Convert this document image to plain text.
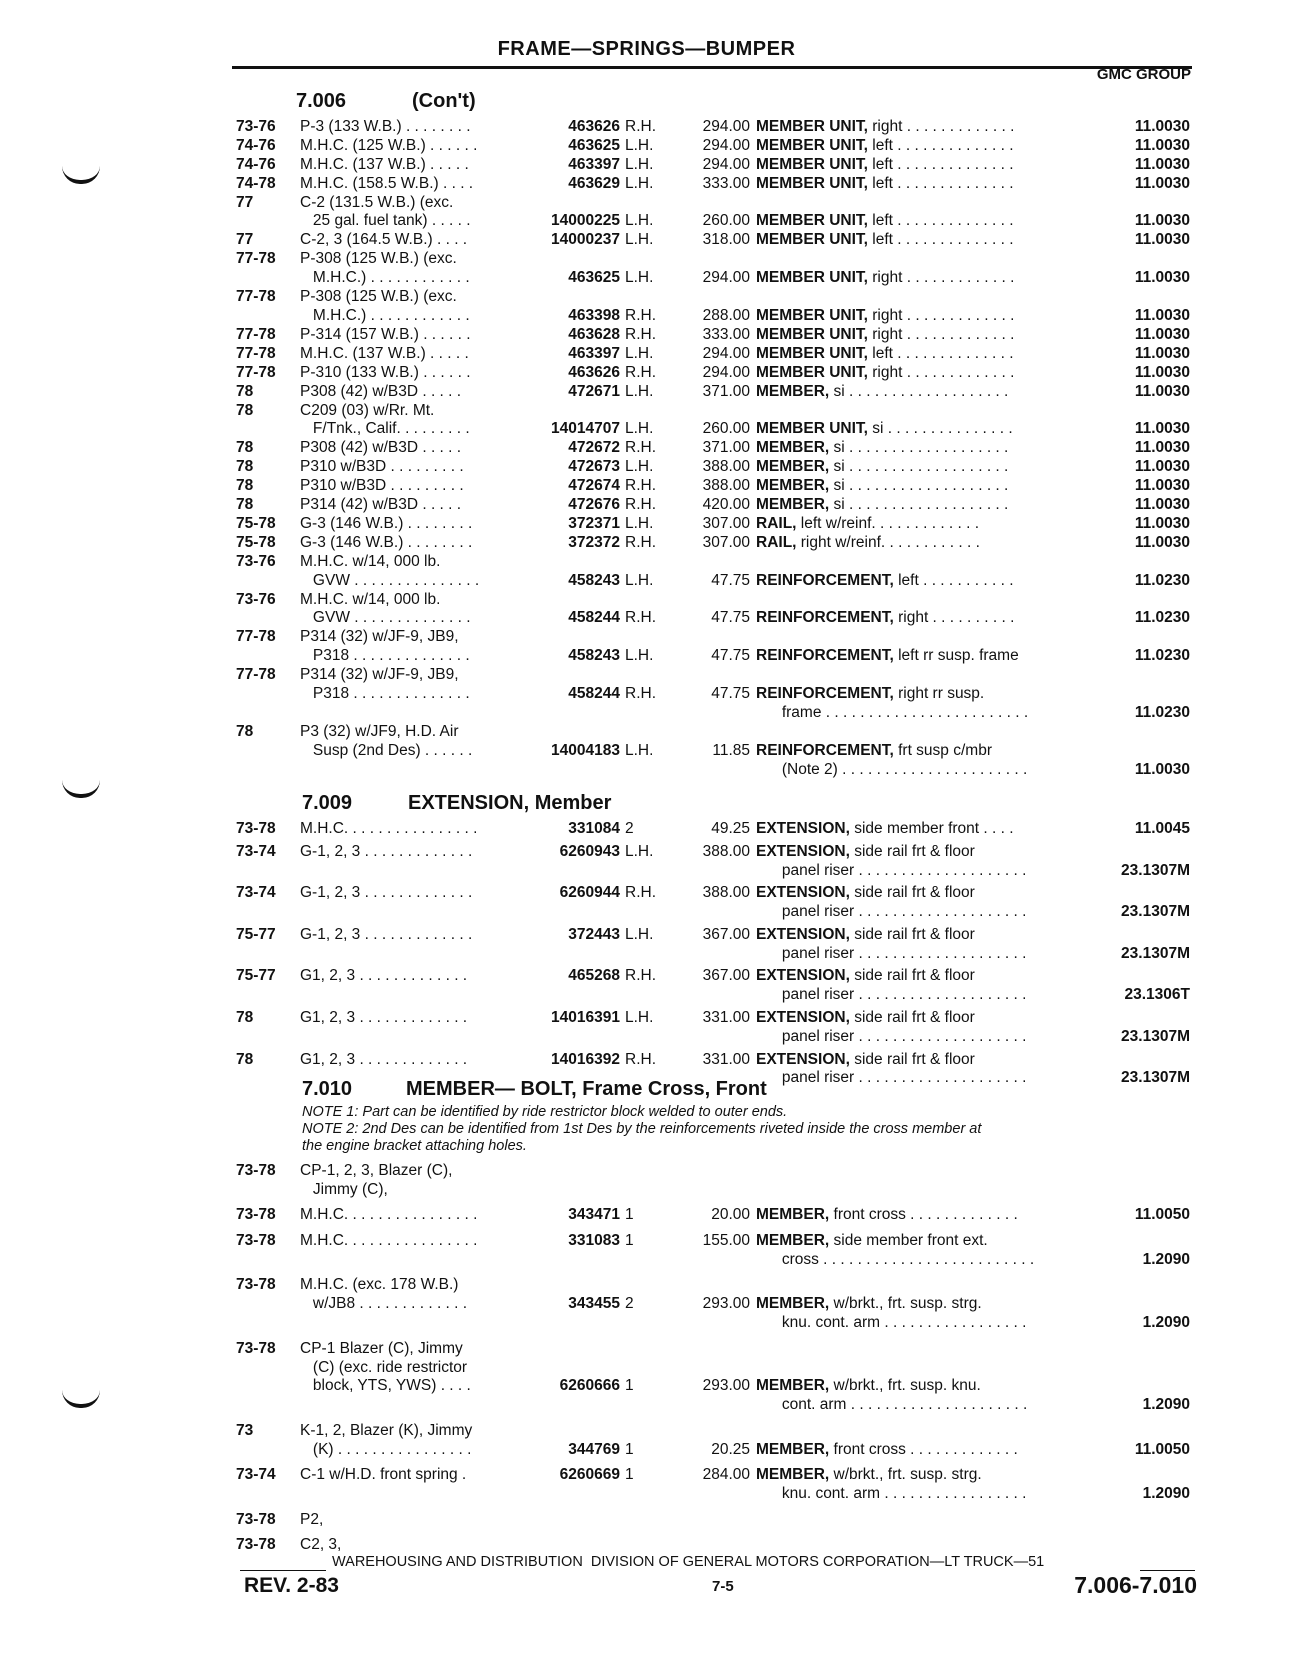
FRAME—SPRINGS—BUMPER
GMC GROUP
7.006	(Con't)
73-76 P-3 (133 W.B.) . . . . . . . .	463626 R.H.	294.00 MEMBER UNIT, right . . . . . . . . . . . . .	11.0030
74-76 M.H.C. (125 W.B.) . . . . . .	463625 L.H.	294.00 MEMBER UNIT, left . . . . . . . . . . . . . .	11.0030
74-76 M.H.C. (137 W.B.) . . . . .	463397 L.H.	294.00 MEMBER UNIT, left . . . . . . . . . . . . . .	11.0030
74-78 M.H.C. (158.5 W.B.) . . . .	463629 L.H.	333.00 MEMBER UNIT, left . . . . . . . . . . . . . .	11.0030
77	C-2 (131.5 W.B.) (exc.
25 gal. fuel tank) . . . . .	14000225 L.H.	260.00 MEMBER UNIT, left . . . . . . . . . . . . . .	11.0030
77	C-2, 3 (164.5 W.B.) . . . .	14000237 L.H.	318.00 MEMBER UNIT, left . . . . . . . . . . . . . .	11.0030
77-78 P-308 (125 W.B.) (exc.
M.H.C.) . . . . . . . . . . . .	463625 L.H.	294.00 MEMBER UNIT, right . . . . . . . . . . . . .	11.0030
77-78 P-308 (125 W.B.) (exc.
M.H.C.) . . . . . . . . . . . .	463398 R.H.	288.00 MEMBER UNIT, right . . . . . . . . . . . . .	11.0030
77-78 P-314 (157 W.B.) . . . . . .	463628 R.H.	333.00 MEMBER UNIT, right . . . . . . . . . . . . .	11.0030
77-78 M.H.C. (137 W.B.) . . . . .	463397 L.H.	294.00 MEMBER UNIT, left . . . . . . . . . . . . . .	11.0030
77-78 P-310 (133 W.B.) . . . . . .	463626 R.H.	294.00 MEMBER UNIT, right . . . . . . . . . . . . .	11.0030
78	P308 (42) w/B3D . . . . .	472671 L.H.	371.00 MEMBER, si . . . . . . . . . . . . . . . . . . .	11.0030
78	C209 (03) w/Rr. Mt.
F/Tnk., Calif. . . . . . . . .	14014707 L.H.	260.00 MEMBER UNIT, si . . . . . . . . . . . . . . .	11.0030
78	P308 (42) w/B3D . . . . .	472672 R.H.	371.00 MEMBER, si . . . . . . . . . . . . . . . . . . .	11.0030
78	P310 w/B3D . . . . . . . . .	472673 L.H.	388.00 MEMBER, si . . . . . . . . . . . . . . . . . . .	11.0030
78	P310 w/B3D . . . . . . . . .	472674 R.H.	388.00 MEMBER, si . . . . . . . . . . . . . . . . . . .	11.0030
78	P314 (42) w/B3D . . . . .	472676 R.H.	420.00 MEMBER, si . . . . . . . . . . . . . . . . . . .	11.0030
75-78 G-3 (146 W.B.) . . . . . . . .	372371 L.H.	307.00 RAIL, left w/reinf. . . . . . . . . . . . .	11.0030
75-78 G-3 (146 W.B.) . . . . . . . .	372372 R.H.	307.00 RAIL, right w/reinf. . . . . . . . . . . .	11.0030
73-76 M.H.C. w/14, 000 lb.
GVW . . . . . . . . . . . . . . .	458243 L.H.	47.75 REINFORCEMENT, left . . . . . . . . . . .	11.0230
73-76 M.H.C. w/14, 000 lb.
GVW . . . . . . . . . . . . . .	458244 R.H.	47.75 REINFORCEMENT, right . . . . . . . . . .	11.0230
77-78 P314 (32) w/JF-9, JB9,
P318 . . . . . . . . . . . . . .	458243 L.H.	47.75 REINFORCEMENT, left rr susp. frame	11.0230
77-78 P314 (32) w/JF-9, JB9,
P318 . . . . . . . . . . . . . .	458244 R.H.	47.75 REINFORCEMENT, right rr susp.
frame . . . . . . . . . . . . . . . . . . . . . . . .	11.0230
78	P3 (32) w/JF9, H.D. Air
Susp (2nd Des) . . . . . .	14004183 L.H.	11.85 REINFORCEMENT, frt susp c/mbr
(Note 2) . . . . . . . . . . . . . . . . . . . . . .	11.0030
7.009	EXTENSION, Member
73-78 M.H.C. . . . . . . . . . . . . . . .	331084 2	49.25 EXTENSION, side member front . . . .	11.0045
73-74 G-1, 2, 3 . . . . . . . . . . . . .	6260943 L.H.	388.00 EXTENSION, side rail frt & floor
panel riser . . . . . . . . . . . . . . . . . . . .	23.1307M
73-74 G-1, 2, 3 . . . . . . . . . . . . .	6260944 R.H.	388.00 EXTENSION, side rail frt & floor
panel riser . . . . . . . . . . . . . . . . . . . .	23.1307M
75-77 G-1, 2, 3 . . . . . . . . . . . . .	372443 L.H.	367.00 EXTENSION, side rail frt & floor
panel riser . . . . . . . . . . . . . . . . . . . .	23.1307M
75-77 G1, 2, 3 . . . . . . . . . . . . .	465268 R.H.	367.00 EXTENSION, side rail frt & floor
panel riser . . . . . . . . . . . . . . . . . . . .	23.1306T
78	G1, 2, 3 . . . . . . . . . . . . .	14016391 L.H.	331.00 EXTENSION, side rail frt & floor
panel riser . . . . . . . . . . . . . . . . . . . .	23.1307M
78	G1, 2, 3 . . . . . . . . . . . . .	14016392 R.H.	331.00 EXTENSION, side rail frt & floor
panel riser . . . . . . . . . . . . . . . . . . . .	23.1307M
7.010	MEMBER— BOLT, Frame Cross, Front
NOTE 1: Part can be identified by ride restrictor block welded to outer ends.
NOTE 2: 2nd Des can be identified from 1st Des by the reinforcements riveted inside the cross member at
the engine bracket attaching holes.
73-78 CP-1, 2, 3, Blazer (C),
Jimmy (C),
73-78 M.H.C. . . . . . . . . . . . . . . .	343471 1	20.00 MEMBER, front cross . . . . . . . . . . . . .	11.0050
73-78 M.H.C. . . . . . . . . . . . . . . .	331083 1	155.00 MEMBER, side member front ext.
cross . . . . . . . . . . . . . . . . . . . . . . . . .	1.2090
73-78 M.H.C. (exc. 178 W.B.)
w/JB8 . . . . . . . . . . . . .	343455 2	293.00 MEMBER, w/brkt., frt. susp. strg.
knu. cont. arm . . . . . . . . . . . . . . . . .	1.2090
73-78 CP-1 Blazer (C), Jimmy
(C) (exc. ride restrictor
block, YTS, YWS) . . . .	6260666 1	293.00 MEMBER, w/brkt., frt. susp. knu.
cont. arm . . . . . . . . . . . . . . . . . . . . .	1.2090
73	K-1, 2, Blazer (K), Jimmy
(K) . . . . . . . . . . . . . . . .	344769 1	20.25 MEMBER, front cross . . . . . . . . . . . . .	11.0050
73-74 C-1 w/H.D. front spring .	6260669 1	284.00 MEMBER, w/brkt., frt. susp. strg.
knu. cont. arm . . . . . . . . . . . . . . . . .	1.2090
73-78 P2,
73-78 C2, 3,
WAREHOUSING AND DISTRIBUTION  DIVISION OF GENERAL MOTORS CORPORATION—LT TRUCK—51
REV. 2-83	7-5	7.006-7.010
